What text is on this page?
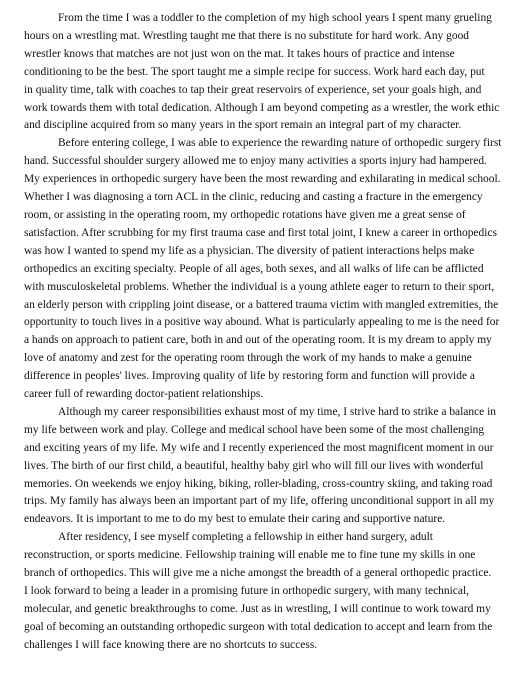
From the time I was a toddler to the completion of my high school years I spent many grueling
hours on a wrestling mat. Wrestling taught me that there is no substitute for hard work. Any good
wrestler knows that matches are not just won on the mat. It takes hours of practice and intense
conditioning to be the best. The sport taught me a simple recipe for success. Work hard each day, put
in quality time, talk with coaches to tap their great reservoirs of experience, set your goals high, and
work towards them with total dedication. Although I am beyond competing as a wrestler, the work ethic
and discipline acquired from so many years in the sport remain an integral part of my character.

Before entering college, I was able to experience the rewarding nature of orthopedic surgery first
hand. Successful shoulder surgery allowed me to enjoy many activities a sports injury had hampered.
My experiences in orthopedic surgery have been the most rewarding and exhilarating in medical school.
Whether I was diagnosing a torn ACL in the clinic, reducing and casting a fracture in the emergency
room, or assisting in the operating room, my orthopedic rotations have given me a great sense of
satisfaction. After scrubbing for my first trauma case and first total joint, I knew a career in orthopedics
was how I wanted to spend my life as a physician. The diversity of patient interactions helps make
orthopedics an exciting specialty. People of all ages, both sexes, and all walks of life can be afflicted
with musculoskeletal problems. Whether the individual is a young athlete eager to return to their sport,
an elderly person with crippling joint disease, or a battered trauma victim with mangled extremities, the
opportunity to touch lives in a positive way abound. What is particularly appealing to me is the need for
a hands on approach to patient care, both in and out of the operating room. It is my dream to apply my
love of anatomy and zest for the operating room through the work of my hands to make a genuine
difference in peoples' lives. Improving quality of life by restoring form and function will provide a
career full of rewarding doctor-patient relationships.

Although my career responsibilities exhaust most of my time, I strive hard to strike a balance in
my life between work and play. College and medical school have been some of the most challenging
and exciting years of my life. My wife and I recently experienced the most magnificent moment in our
lives. The birth of our first child, a beautiful, healthy baby girl who will fill our lives with wonderful
memories. On weekends we enjoy hiking, biking, roller-blading, cross-country skiing, and taking road
trips. My family has always been an important part of my life, offering unconditional support in all my
endeavors. It is important to me to do my best to emulate their caring and supportive nature.

After residency, I see myself completing a fellowship in either hand surgery, adult
reconstruction, or sports medicine. Fellowship training will enable me to fine tune my skills in one
branch of orthopedics. This will give me a niche amongst the breadth of a general orthopedic practice.
I look forward to being a leader in a promising future in orthopedic surgery, with many technical,
molecular, and genetic breakthroughs to come. Just as in wrestling, I will continue to work toward my
goal of becoming an outstanding orthopedic surgeon with total dedication to accept and learn from the
challenges I will face knowing there are no shortcuts to success.
